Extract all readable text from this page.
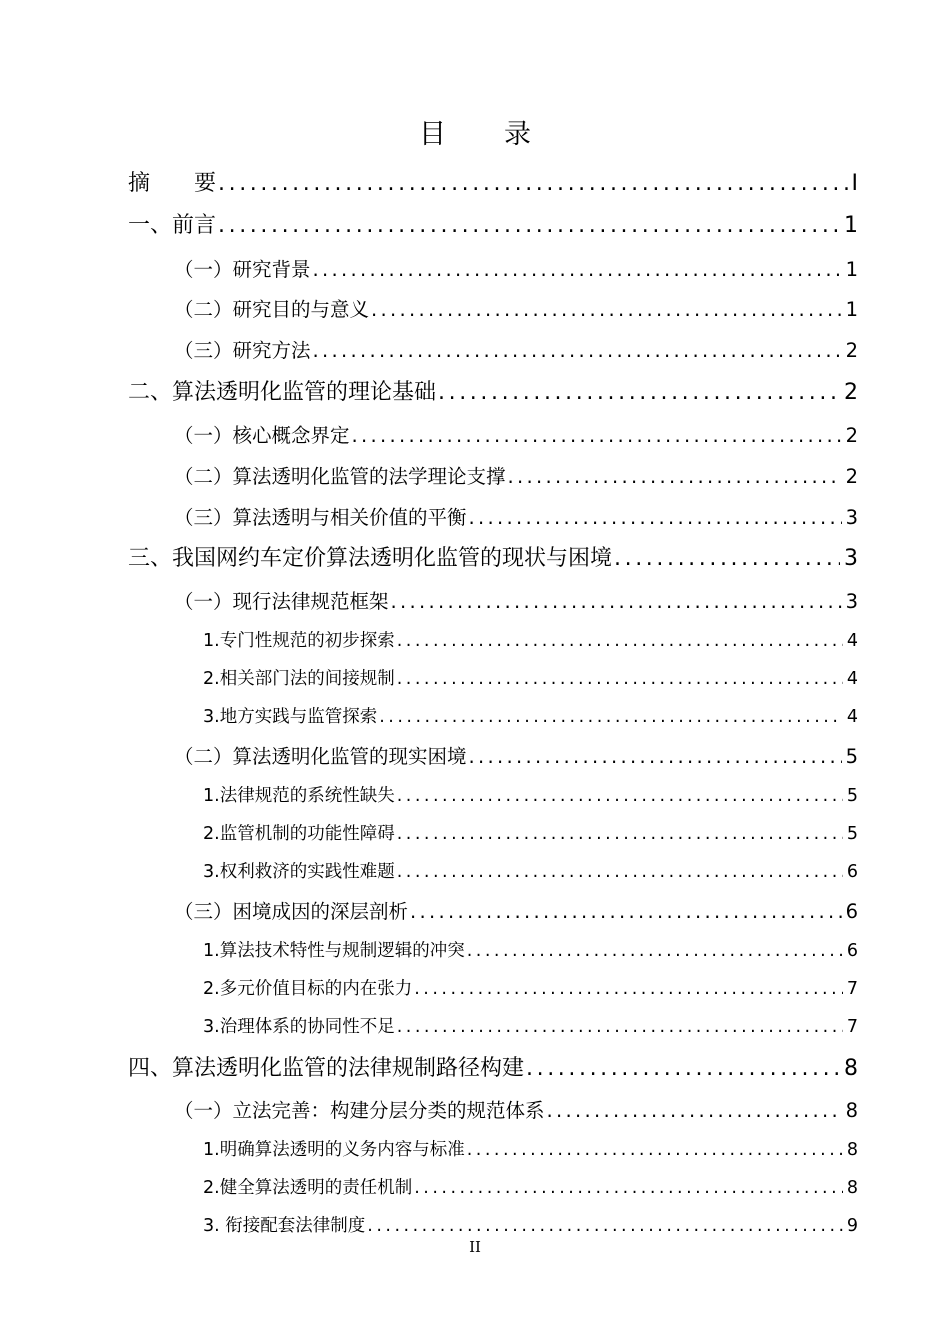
目 录
摘　　要 .....	I
一、前言 .....	1
（一）研究背景 .....	1
（二）研究目的与意义 .....	1
（三）研究方法 .....	2
二、算法透明化监管的理论基础 .....	2
（一）核心概念界定 .....	2
（二）算法透明化监管的法学理论支撑 .....	2
（三）算法透明与相关价值的平衡 .....	3
三、我国网约车定价算法透明化监管的现状与困境 .....	3
（一）现行法律规范框架 .....	3
1.专门性规范的初步探索 .....	4
2.相关部门法的间接规制 .....	4
3.地方实践与监管探索 .....	4
（二）算法透明化监管的现实困境 .....	5
1.法律规范的系统性缺失 .....	5
2.监管机制的功能性障碍 .....	5
3.权利救济的实践性难题 .....	6
（三）困境成因的深层剖析 .....	6
1.算法技术特性与规制逻辑的冲突 .....	6
2.多元价值目标的内在张力 .....	7
3.治理体系的协同性不足 .....	7
四、算法透明化监管的法律规制路径构建 .....	8
（一）立法完善：构建分层分类的规范体系 .....	8
1.明确算法透明的义务内容与标准 .....	8
2.健全算法透明的责任机制 .....	8
3. 衔接配套法律制度 .....	9
II
